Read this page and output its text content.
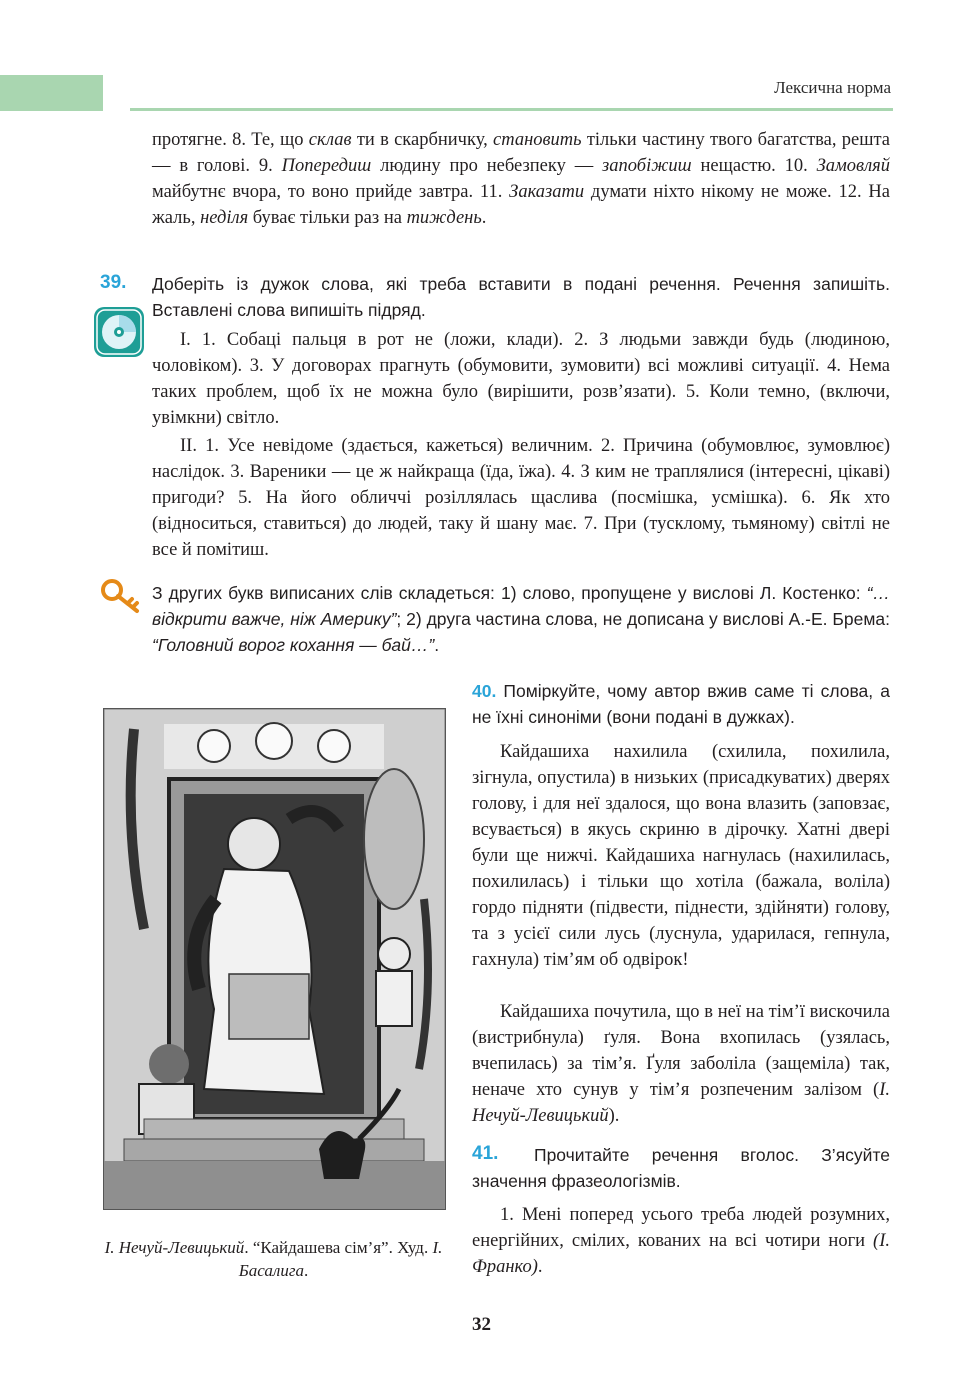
Лексична норма
протягне. 8. Те, що склав ти в скарбничку, становить тільки частину твого багатства, решта — в голові. 9. Попередиш людину про небезпеку — запобіжиш нещастю. 10. Замовляй майбутнє вчора, то воно прийде завтра. 11. Заказати думати ніхто нікому не може. 12. На жаль, неділя буває тільки раз на тиждень.
39. Доберіть із дужок слова, які треба вставити в подані речення. Речення запишіть. Вставлені слова випишіть підряд.

І. 1. Собаці пальця в рот не (ложи, клади). 2. З людьми завжди будь (людиною, чоловіком). 3. У договорах прагнуть (обумовити, зумовити) всі можливі ситуації. 4. Нема таких проблем, щоб їх не можна було (вирішити, розв’язати). 5. Коли темно, (включи, увімкни) світло.

ІІ. 1. Усе невідоме (здається, кажеться) величним. 2. Причина (обумовлює, зумовлює) наслідок. 3. Вареники — це ж найкраща (їда, їжа). 4. З ким не траплялися (інтересні, цікаві) пригоди? 5. На його обличчі розіллялась щаслива (посмішка, усмішка). 6. Як хто (відноситься, ставиться) до людей, таку й шану має. 7. При (тусклому, тьмяному) світлі не все й помітиш.

З других букв виписаних слів складеться: 1) слово, пропущене у вислові Л. Костенко: “…відкрити важче, ніж Америку”; 2) друга частина слова, не дописана у вислові А.-Е. Брема: “Головний ворог кохання — бай…”.
І. Нечуй-Левицький. “Кайдашева сім’я”. Худ. І. Басалига.
40. Поміркуйте, чому автор вжив саме ті слова, а не їхні синоніми (вони подані в дужках).

Кайдашиха нахилила (схилила, похилила, зігнула, опустила) в низьких (присадкуватих) дверях голову, і для неї здалося, що вона влазить (заповзає, всувається) в якусь скриню в дірочку. Хатні двері були ще нижчі. Кайдашиха нагнулась (нахилилась, похилилась) і тільки що хотіла (бажала, воліла) гордо підняти (підвести, піднести, здійняти) голову, та з усієї сили лусь (луснула, ударилася, гепнула, гахнула) тім’ям об одвірок!

Кайдашиха почутила, що в неї на тім’ї вискочила (вистрибнула) ґуля. Вона вхопилась (узялась, вчепилась) за тім’я. Ґуля заболіла (защеміла) так, неначе хто сунув у тім’я розпеченим залізом (І. Нечуй-Левицький).

41.	Прочитайте речення вголос. З’ясуйте значення фразеологізмів.

1. Мені поперед усього треба людей розумних, енергійних, смілих, кованих на всі чотири ноги (І. Франко).

32
